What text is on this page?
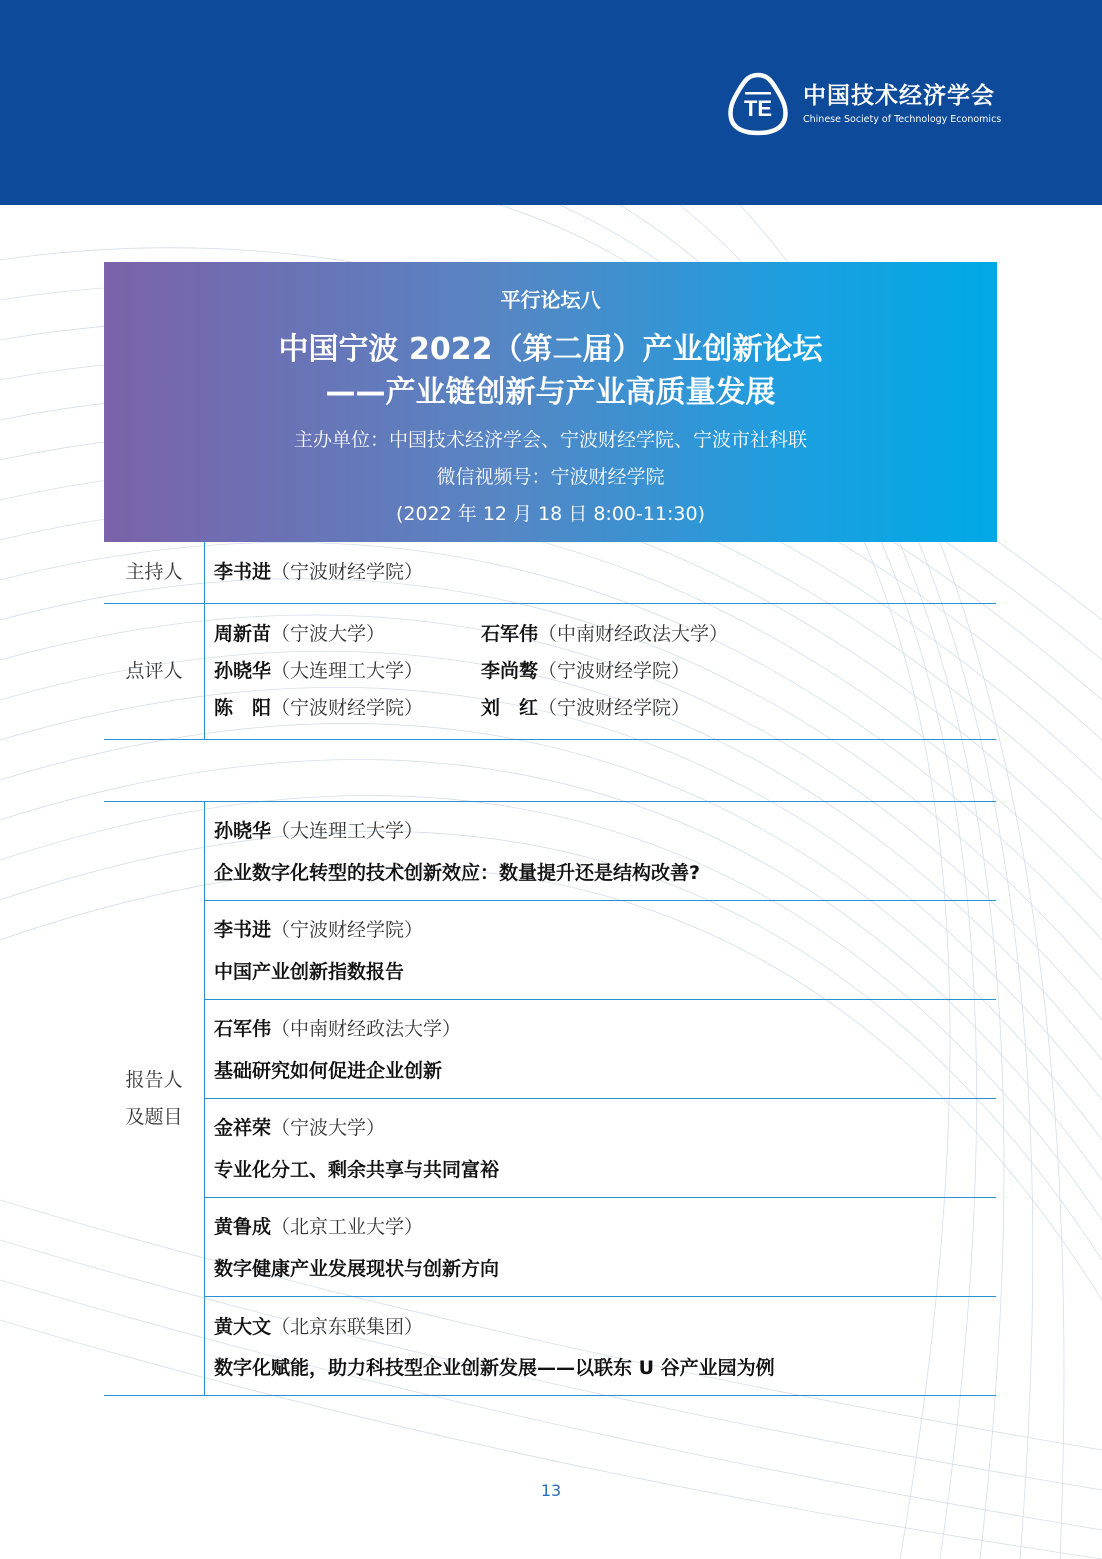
TE 中国技术经济学会
Chinese Society of Technology Economics
平行论坛八
中国宁波 2022（第二届）产业创新论坛
——产业链创新与产业高质量发展
主办单位：中国技术经济学会、宁波财经学院、宁波市社科联
微信视频号：宁波财经学院
(2022 年 12 月 18 日 8:00-11:30)
主持人	李书进（宁波财经学院）
点评人
周新苗（宁波大学）	石军伟（中南财经政法大学）
孙晓华（大连理工大学）	李尚骜（宁波财经学院）
陈　阳（宁波财经学院）	刘　红（宁波财经学院）
报告人
及题目
孙晓华（大连理工大学）
企业数字化转型的技术创新效应：数量提升还是结构改善?
李书进（宁波财经学院）
中国产业创新指数报告
石军伟（中南财经政法大学）
基础研究如何促进企业创新
金祥荣（宁波大学）
专业化分工、剩余共享与共同富裕
黄鲁成（北京工业大学）
数字健康产业发展现状与创新方向
黄大文（北京东联集团）
数字化赋能，助力科技型企业创新发展——以联东 U 谷产业园为例
13
